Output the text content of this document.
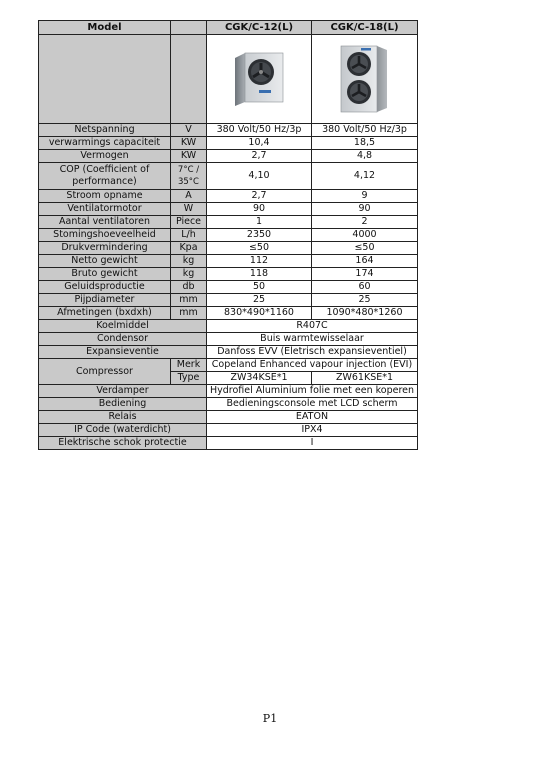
Model		CGK/C-12(L)	CGK/C-18(L)

Netspanning	V	380 Volt/50 Hz/3p	380 Volt/50 Hz/3p
verwarmings capaciteit	KW	10,4	18,5
Vermogen	KW	2,7	4,8
COP (Coefficient of performance)	7°C / 35°C	4,10	4,12
Stroom opname	A	2,7	9
Ventilatormotor	W	90	90
Aantal ventilatoren	Piece	1	2
Stomingshoeveelheid	L/h	2350	4000
Drukvermindering	Kpa	≤50	≤50
Netto gewicht	kg	112	164
Bruto gewicht	kg	118	174
Geluidsproductie	db	50	60
Pijpdiameter	mm	25	25
Afmetingen (bxdxh)	mm	830*490*1160	1090*480*1260
Koelmiddel		R407C	
Condensor		Buis warmtewisselaar	
Expansieventie		Danfoss EVV (Eletrisch expansieventiel)	
Compressor	Merk	Copeland Enhanced vapour injection (EVI)	
	Type	ZW34KSE*1	ZW61KSE*1
Verdamper		Hydrofiel Aluminium folie met een koperen	
Bediening		Bedieningsconsole met LCD scherm	
Relais		EATON	
IP Code (waterdicht)		IPX4	
Elektrische schok protectie		I	
P1
